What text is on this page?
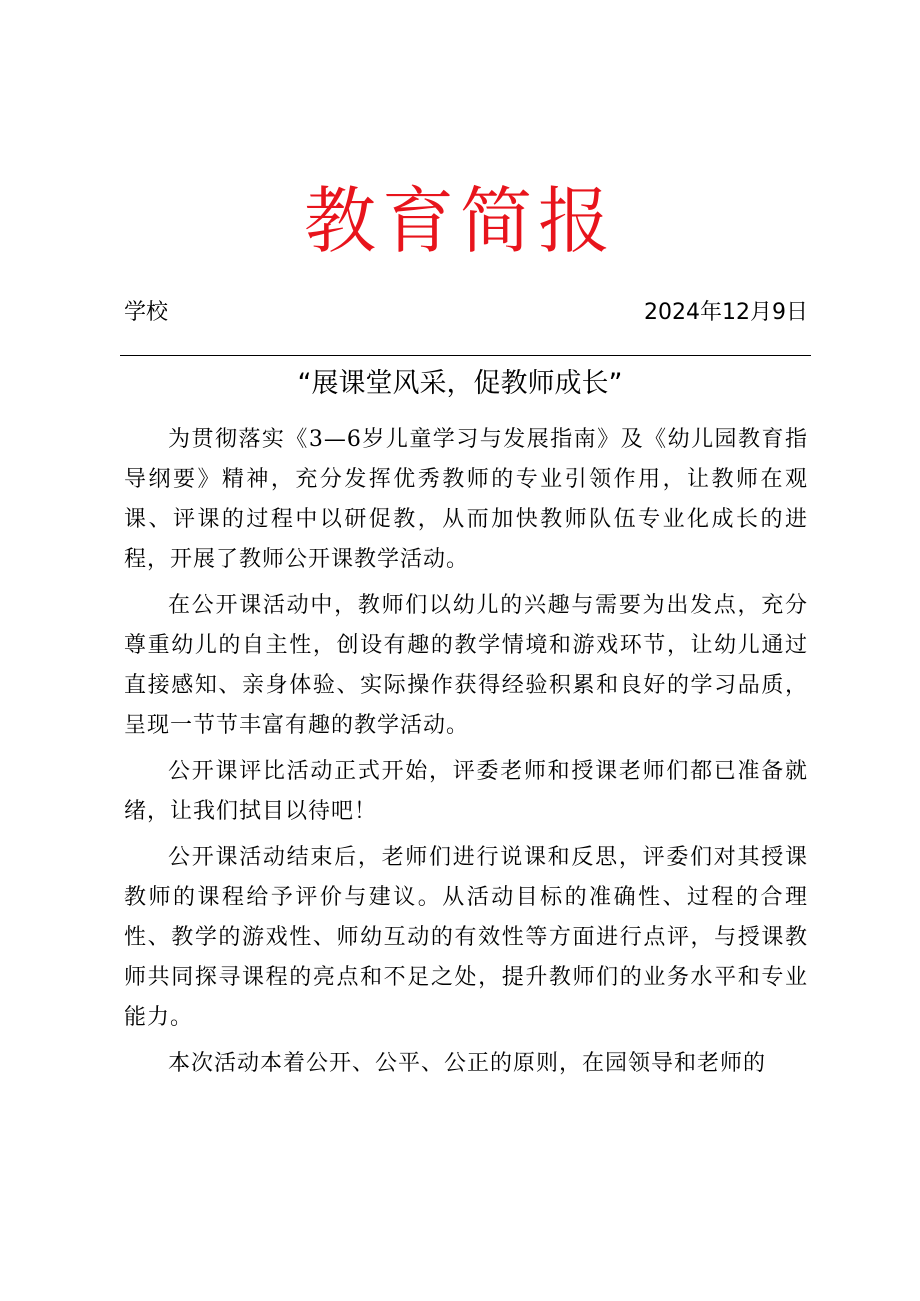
教育简报
学校	2024年12月9日
“展课堂风采，促教师成长”

为贯彻落实《3—6岁儿童学习与发展指南》及《幼儿园教育指导纲要》精神，充分发挥优秀教师的专业引领作用，让教师在观课、评课的过程中以研促教，从而加快教师队伍专业化成长的进程，开展了教师公开课教学活动。

在公开课活动中，教师们以幼儿的兴趣与需要为出发点，充分尊重幼儿的自主性，创设有趣的教学情境和游戏环节，让幼儿通过直接感知、亲身体验、实际操作获得经验积累和良好的学习品质，呈现一节节丰富有趣的教学活动。

公开课评比活动正式开始，评委老师和授课老师们都已准备就绪，让我们拭目以待吧！

公开课活动结束后，老师们进行说课和反思，评委们对其授课教师的课程给予评价与建议。从活动目标的准确性、过程的合理性、教学的游戏性、师幼互动的有效性等方面进行点评，与授课教师共同探寻课程的亮点和不足之处，提升教师们的业务水平和专业能力。

本次活动本着公开、公平、公正的原则，在园领导和老师的
